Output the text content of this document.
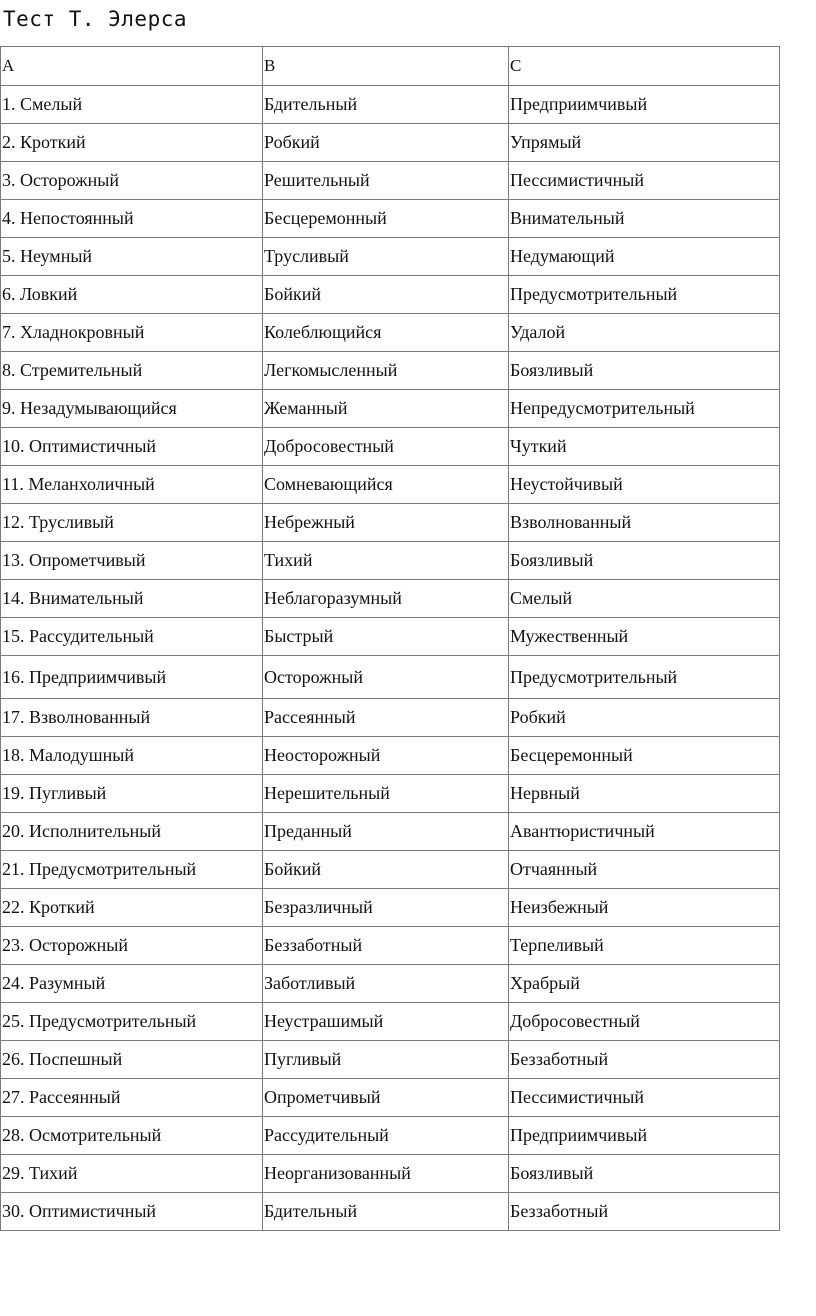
Тест Т. Элерса
A	B	C
1. Смелый	Бдительный	Предприимчивый
2. Кроткий	Робкий	Упрямый
3. Осторожный	Решительный	Пессимистичный
4. Непостоянный	Бесцеремонный	Внимательный
5. Неумный	Трусливый	Недумающий
6. Ловкий	Бойкий	Предусмотрительный
7. Хладнокровный	Колеблющийся	Удалой
8. Стремительный	Легкомысленный	Боязливый
9. Незадумывающийся	Жеманный	Непредусмотрительный
10. Оптимистичный	Добросовестный	Чуткий
11. Меланхоличный	Сомневающийся	Неустойчивый
12. Трусливый	Небрежный	Взволнованный
13. Опрометчивый	Тихий	Боязливый
14. Внимательный	Неблагоразумный	Смелый
15. Рассудительный	Быстрый	Мужественный
16. Предприимчивый	Осторожный	Предусмотрительный
17. Взволнованный	Рассеянный	Робкий
18. Малодушный	Неосторожный	Бесцеремонный
19. Пугливый	Нерешительный	Нервный
20. Исполнительный	Преданный	Авантюристичный
21. Предусмотрительный	Бойкий	Отчаянный
22. Кроткий	Безразличный	Неизбежный
23. Осторожный	Беззаботный	Терпеливый
24. Разумный	Заботливый	Храбрый
25. Предусмотрительный	Неустрашимый	Добросовестный
26. Поспешный	Пугливый	Беззаботный
27. Рассеянный	Опрометчивый	Пессимистичный
28. Осмотрительный	Рассудительный	Предприимчивый
29. Тихий	Неорганизованный	Боязливый
30. Оптимистичный	Бдительный	Беззаботный
